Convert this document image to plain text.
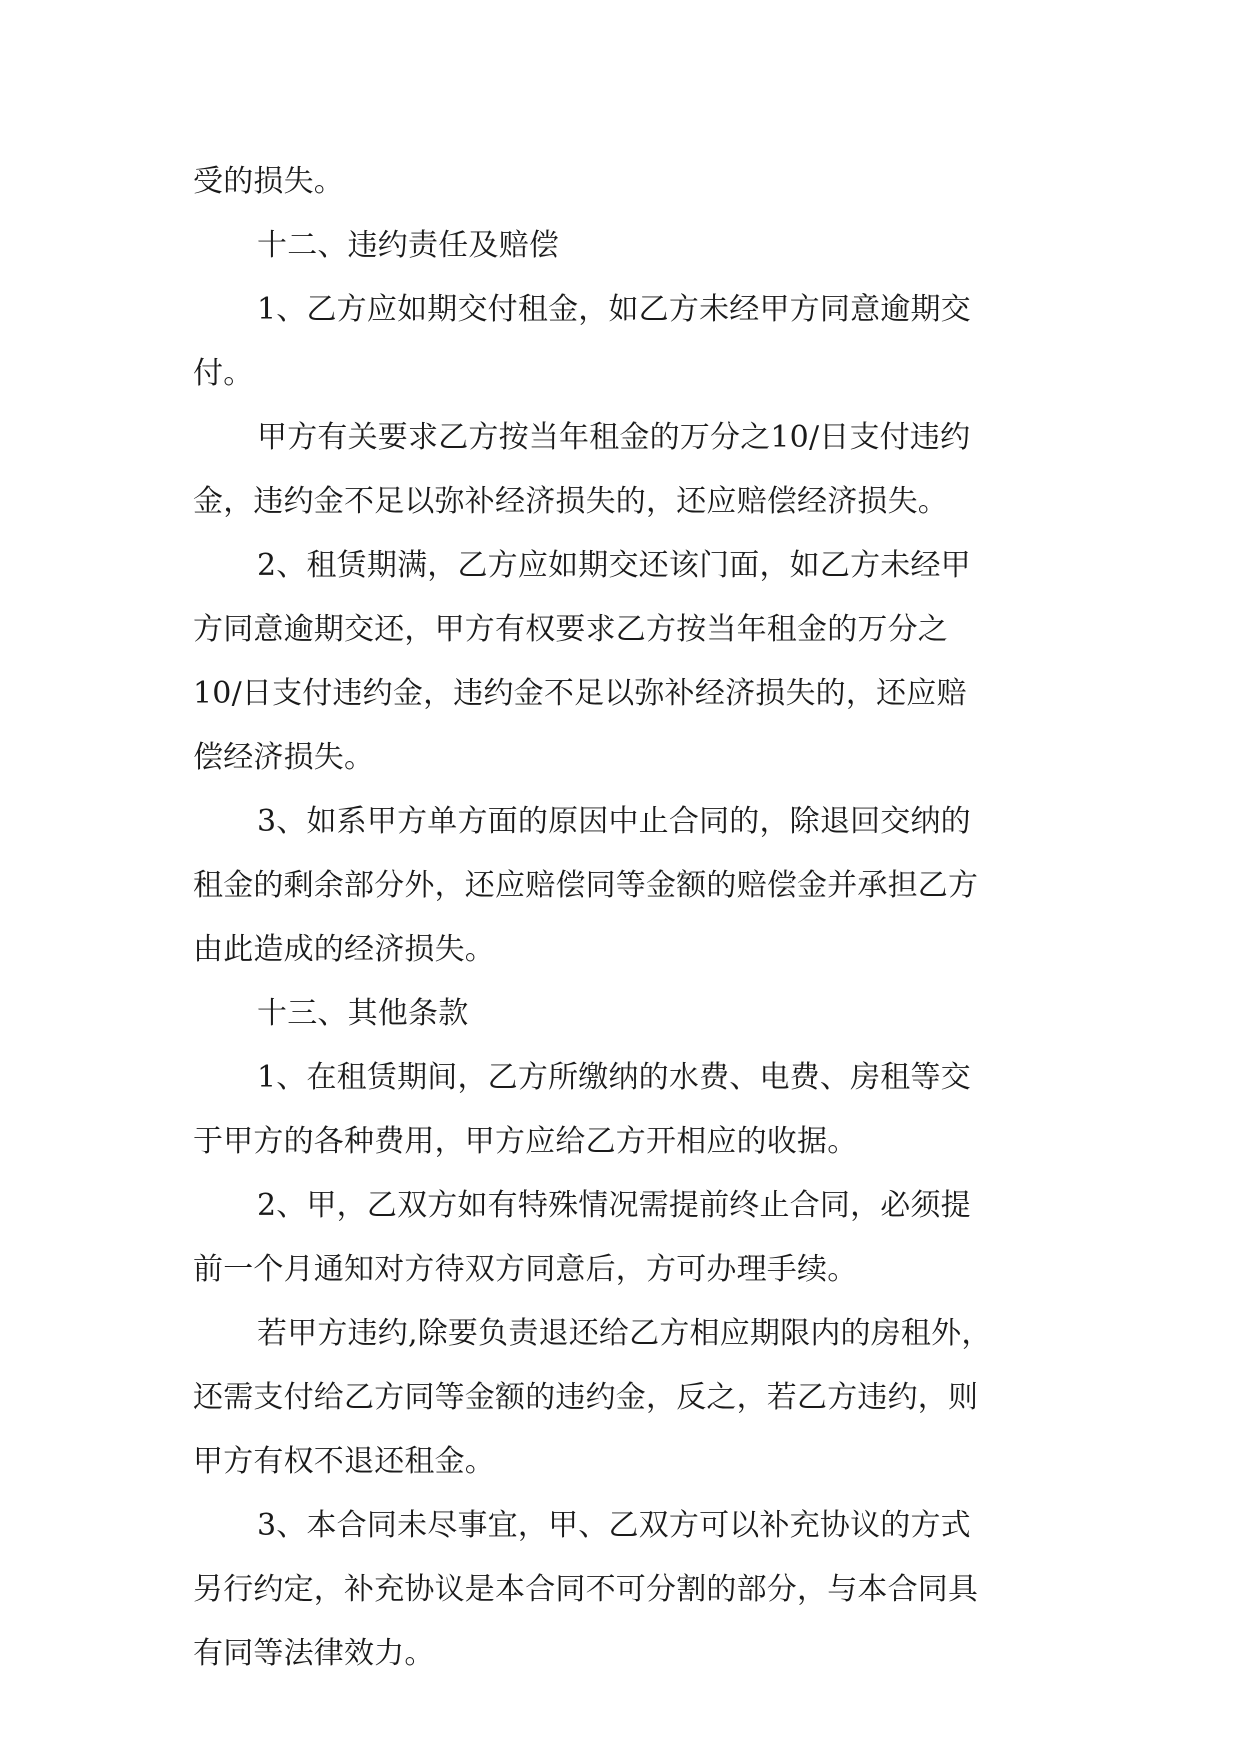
受的损失。
十二、违约责任及赔偿
1、乙方应如期交付租金，如乙方未经甲方同意逾期交
付。
甲方有关要求乙方按当年租金的万分之10/日支付违约
金，违约金不足以弥补经济损失的，还应赔偿经济损失。
2、租赁期满，乙方应如期交还该门面，如乙方未经甲
方同意逾期交还，甲方有权要求乙方按当年租金的万分之
10/日支付违约金，违约金不足以弥补经济损失的，还应赔
偿经济损失。
3、如系甲方单方面的原因中止合同的，除退回交纳的
租金的剩余部分外，还应赔偿同等金额的赔偿金并承担乙方
由此造成的经济损失。
十三、其他条款
1、在租赁期间，乙方所缴纳的水费、电费、房租等交
于甲方的各种费用，甲方应给乙方开相应的收据。
2、甲，乙双方如有特殊情况需提前终止合同，必须提
前一个月通知对方待双方同意后，方可办理手续。
若甲方违约,除要负责退还给乙方相应期限内的房租外，
还需支付给乙方同等金额的违约金，反之，若乙方违约，则
甲方有权不退还租金。
3、本合同未尽事宜，甲、乙双方可以补充协议的方式
另行约定，补充协议是本合同不可分割的部分，与本合同具
有同等法律效力。
